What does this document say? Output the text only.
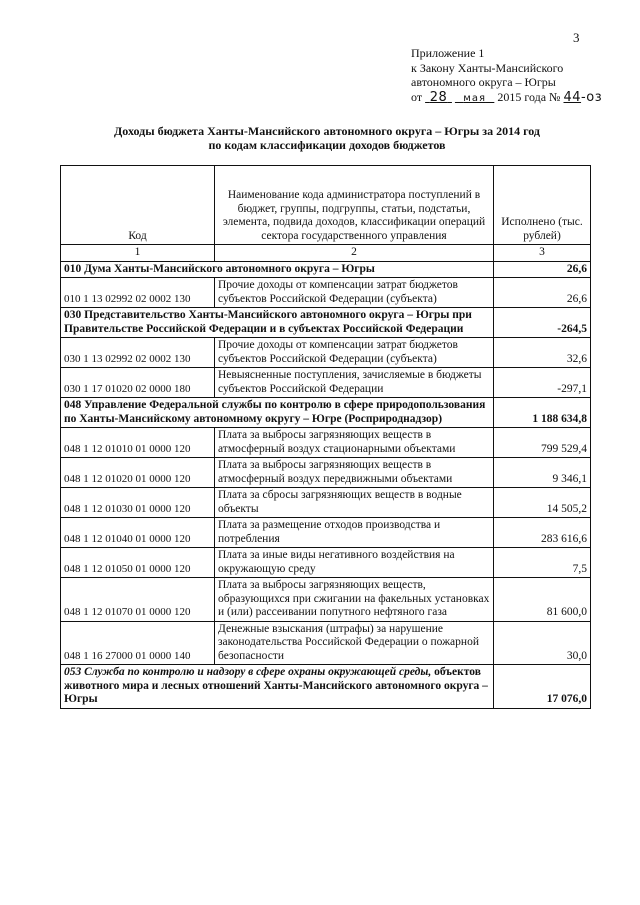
3
Приложение 1
к Закону Ханты-Мансийского
автономного округа – Югры
от 28 мая 2015 года № 44-оз
Доходы бюджета Ханты-Мансийского автономного округа – Югры за 2014 год
по кодам классификации доходов бюджетов
Код	Наименование кода администратора поступлений в бюджет, группы, подгруппы, статьи, подстатьи, элемента, подвида доходов, классификации операций сектора государственного управления	Исполнено (тыс. рублей)
1	2	3
010 Дума Ханты-Мансийского автономного округа – Югры		26,6
010 1 13 02992 02 0002 130	Прочие доходы от компенсации затрат бюджетов субъектов Российской Федерации (субъекта)	26,6
030 Представительство Ханты-Мансийского автономного округа – Югры при Правительстве Российской Федерации и в субъектах Российской Федерации		-264,5
030 1 13 02992 02 0002 130	Прочие доходы от компенсации затрат бюджетов субъектов Российской Федерации (субъекта)	32,6
030 1 17 01020 02 0000 180	Невыясненные поступления, зачисляемые в бюджеты субъектов Российской Федерации	-297,1
048 Управление Федеральной службы по контролю в сфере природопользования по Ханты-Мансийскому автономному округу – Югре (Росприроднадзор)		1 188 634,8
048 1 12 01010 01 0000 120	Плата за выбросы загрязняющих веществ в атмосферный воздух стационарными объектами	799 529,4
048 1 12 01020 01 0000 120	Плата за выбросы загрязняющих веществ в атмосферный воздух передвижными объектами	9 346,1
048 1 12 01030 01 0000 120	Плата за сбросы загрязняющих веществ в водные объекты	14 505,2
048 1 12 01040 01 0000 120	Плата за размещение отходов производства и потребления	283 616,6
048 1 12 01050 01 0000 120	Плата за иные виды негативного воздействия на окружающую среду	7,5
048 1 12 01070 01 0000 120	Плата за выбросы загрязняющих веществ, образующихся при сжигании на факельных установках и (или) рассеивании попутного нефтяного газа	81 600,0
048 1 16 27000 01 0000 140	Денежные взыскания (штрафы) за нарушение законодательства Российской Федерации о пожарной безопасности	30,0
053 Служба по контролю и надзору в сфере охраны окружающей среды, объектов животного мира и лесных отношений Ханты-Мансийского автономного округа – Югры		17 076,0
